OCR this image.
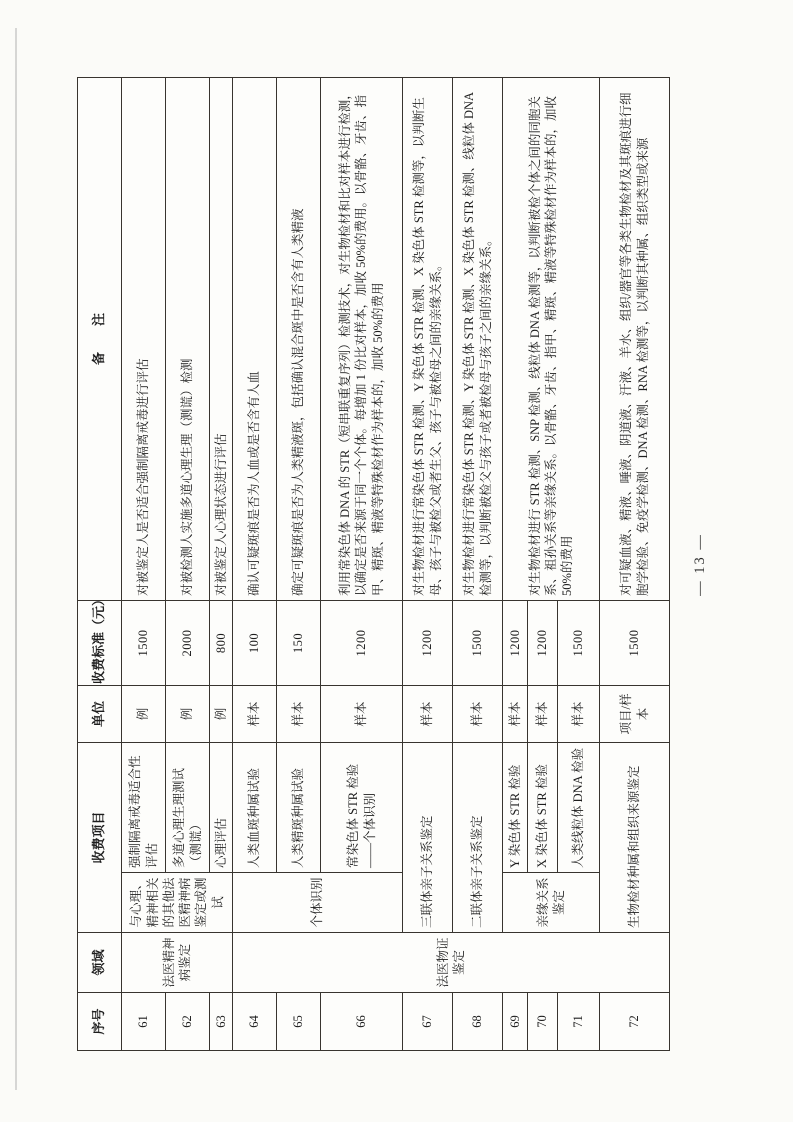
序号	领域	收费项目		单位	收费标准（元）	备　　注
61	法医精神病鉴定	与心理、精神相关的其他法医精神病鉴定或测试	强制隔离戒毒适合性评估	例	1500	对被鉴定人是否适合强制隔离戒毒进行评估
62			多道心理生理测试（测谎）	例	2000	对被检测人实施多道心理生理（测谎）检测
63			心理评估	例	800	对被鉴定人心理状态进行评估
64	法医物证鉴定	个体识别	人类血斑种属试验	样本	100	确认可疑斑痕是否为人血或是否含有人血
65			人类精斑种属试验	样本	150	确定可疑斑痕是否为人类精液斑，包括确认混合斑中是否含有人类精液
66			常染色体 STR 检验——个体识别	样本	1200	利用常染色体 DNA 的 STR（短串联重复序列）检测技术，对生物检材和比对样本进行检测，以确定是否来源于同一个个体。每增加 1 份比对样本，加收 50%的费用。以骨骼、牙齿、指甲、精斑、精液等特殊检材作为样本的，加收 50%的费用
67		三联体亲子关系鉴定		样本	1200	对生物检材进行常染色体 STR 检测、Y 染色体 STR 检测、X 染色体 STR 检测等，以判断生母、孩子与被检父或者生父、孩子与被检母之间的亲缘关系。
68		二联体亲子关系鉴定		样本	1500	对生物检材进行常染色体 STR 检测、Y 染色体 STR 检测、X 染色体 STR 检测、线粒体 DNA 检测等，以判断被检父与孩子或者被检母与孩子之间的亲缘关系。
69		亲缘关系鉴定	Y 染色体 STR 检验	样本	1200	对生物检材进行 STR 检测、SNP 检测、线粒体 DNA 检测等，以判断被检个体之间的同胞关系、祖孙关系等亲缘关系。以骨骼、牙齿、指甲、精斑、精液等特殊检材作为样本的，加收 50%的费用
70			X 染色体 STR 检验	样本	1200	
71			人类线粒体 DNA 检验	样本	1500	
72		生物检材种属和组织来源鉴定		项目/样本	1500	对可疑血液、精液、唾液、阴道液、汗液、羊水、组织/器官等各类生物检材及其斑痕进行细胞学检验、免疫学检测、DNA 检测、RNA 检测等，以判断其种属、组织类型或来源	— 13 —
